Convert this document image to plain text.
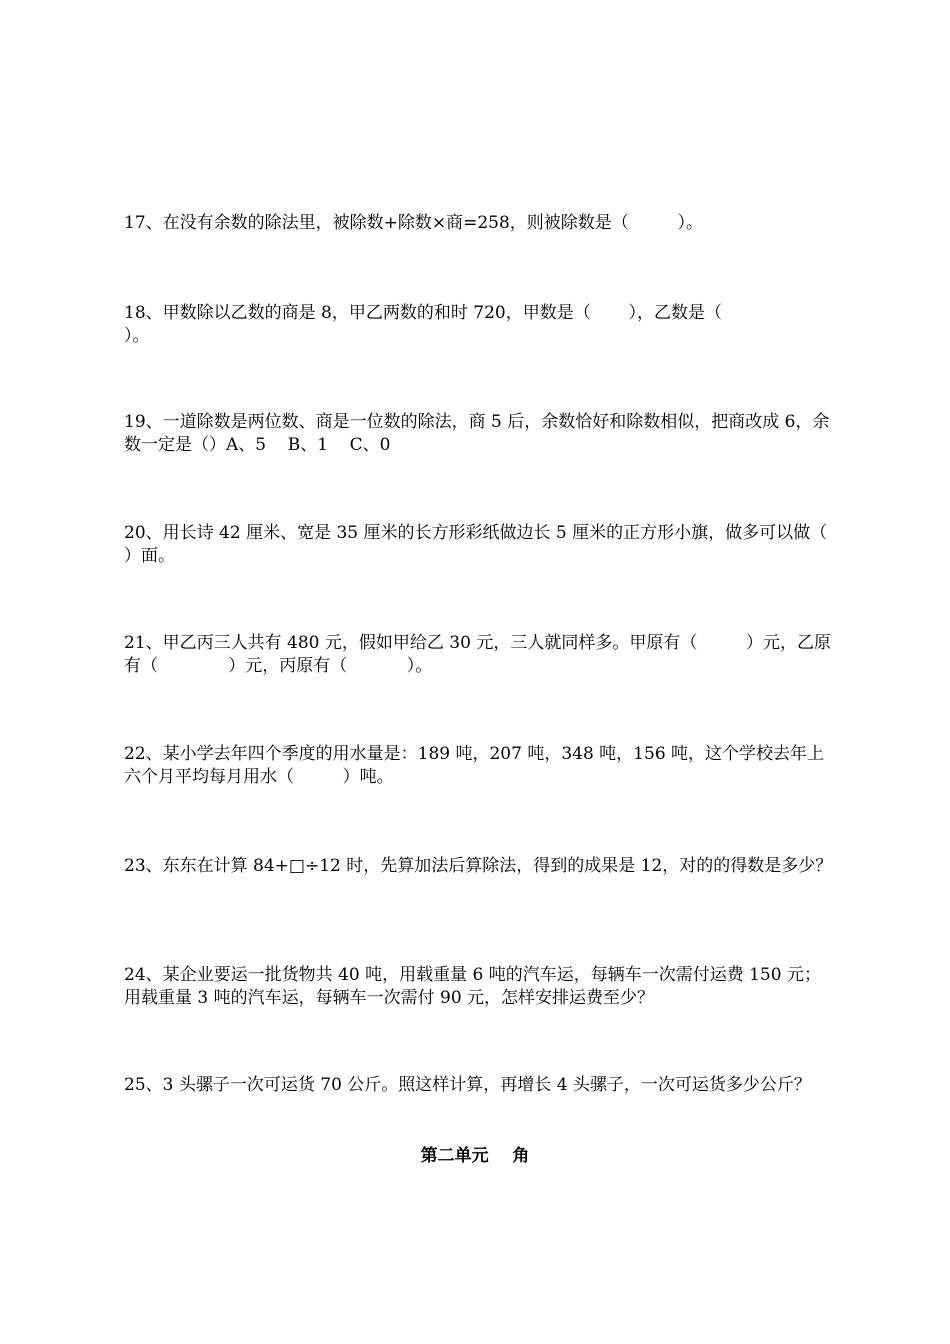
17、在没有余数的除法里，被除数+除数×商=258，则被除数是（         ）。

18、甲数除以乙数的商是 8，甲乙两数的和时 720，甲数是（       ），乙数是（
）。

19、一道除数是两位数、商是一位数的除法，商 5 后，余数恰好和除数相似，把商改成 6，余数一定是（）A、5    B、1    C、0

20、用长诗 42 厘米、宽是 35 厘米的长方形彩纸做边长 5 厘米的正方形小旗，做多可以做（           ）面。

21、甲乙丙三人共有 480 元，假如甲给乙 30 元，三人就同样多。甲原有（         ）元，乙原有（             ）元，丙原有（           ）。

22、某小学去年四个季度的用水量是：189 吨，207 吨，348 吨，156 吨，这个学校去年上六个月平均每月用水（         ）吨。

23、东东在计算 84+□÷12 时，先算加法后算除法，得到的成果是 12，对的的得数是多少？

24、某企业要运一批货物共 40 吨，用载重量 6 吨的汽车运，每辆车一次需付运费 150 元；用载重量 3 吨的汽车运，每辆车一次需付 90 元，怎样安排运费至少？

25、3 头骡子一次可运货 70 公斤。照这样计算，再增长 4 头骡子，一次可运货多少公斤？

第二单元    角
